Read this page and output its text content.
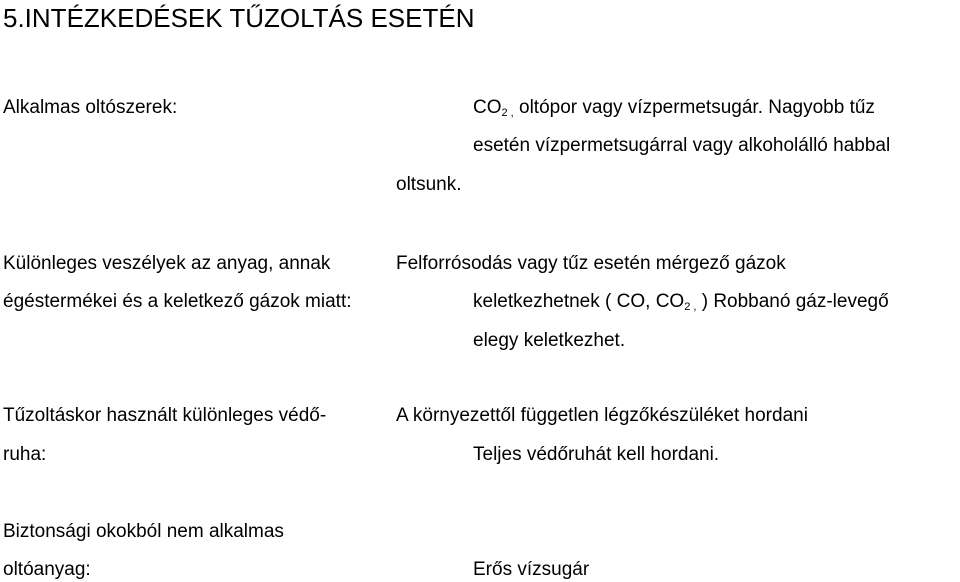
5.INTÉZKEDÉSEK TŰZOLTÁS ESETÉN
Alkalmas oltószerek:	CO2 , oltópor vagy vízpermetsugár. Nagyobb tűz
esetén vízpermetsugárral vagy alkoholálló habbal
oltsunk.
Különleges veszélyek az anyag, annak	Felforrósodás vagy tűz esetén mérgező gázok
égéstermékei és a keletkező gázok miatt:	keletkezhetnek ( CO, CO2 , ) Robbanó gáz-levegő
elegy keletkezhet.
Tűzoltáskor használt különleges védő-	A környezettől független légzőkészüléket hordani
ruha:	Teljes védőruhát kell hordani.
Biztonsági okokból nem alkalmas
oltóanyag:	Erős vízsugár
